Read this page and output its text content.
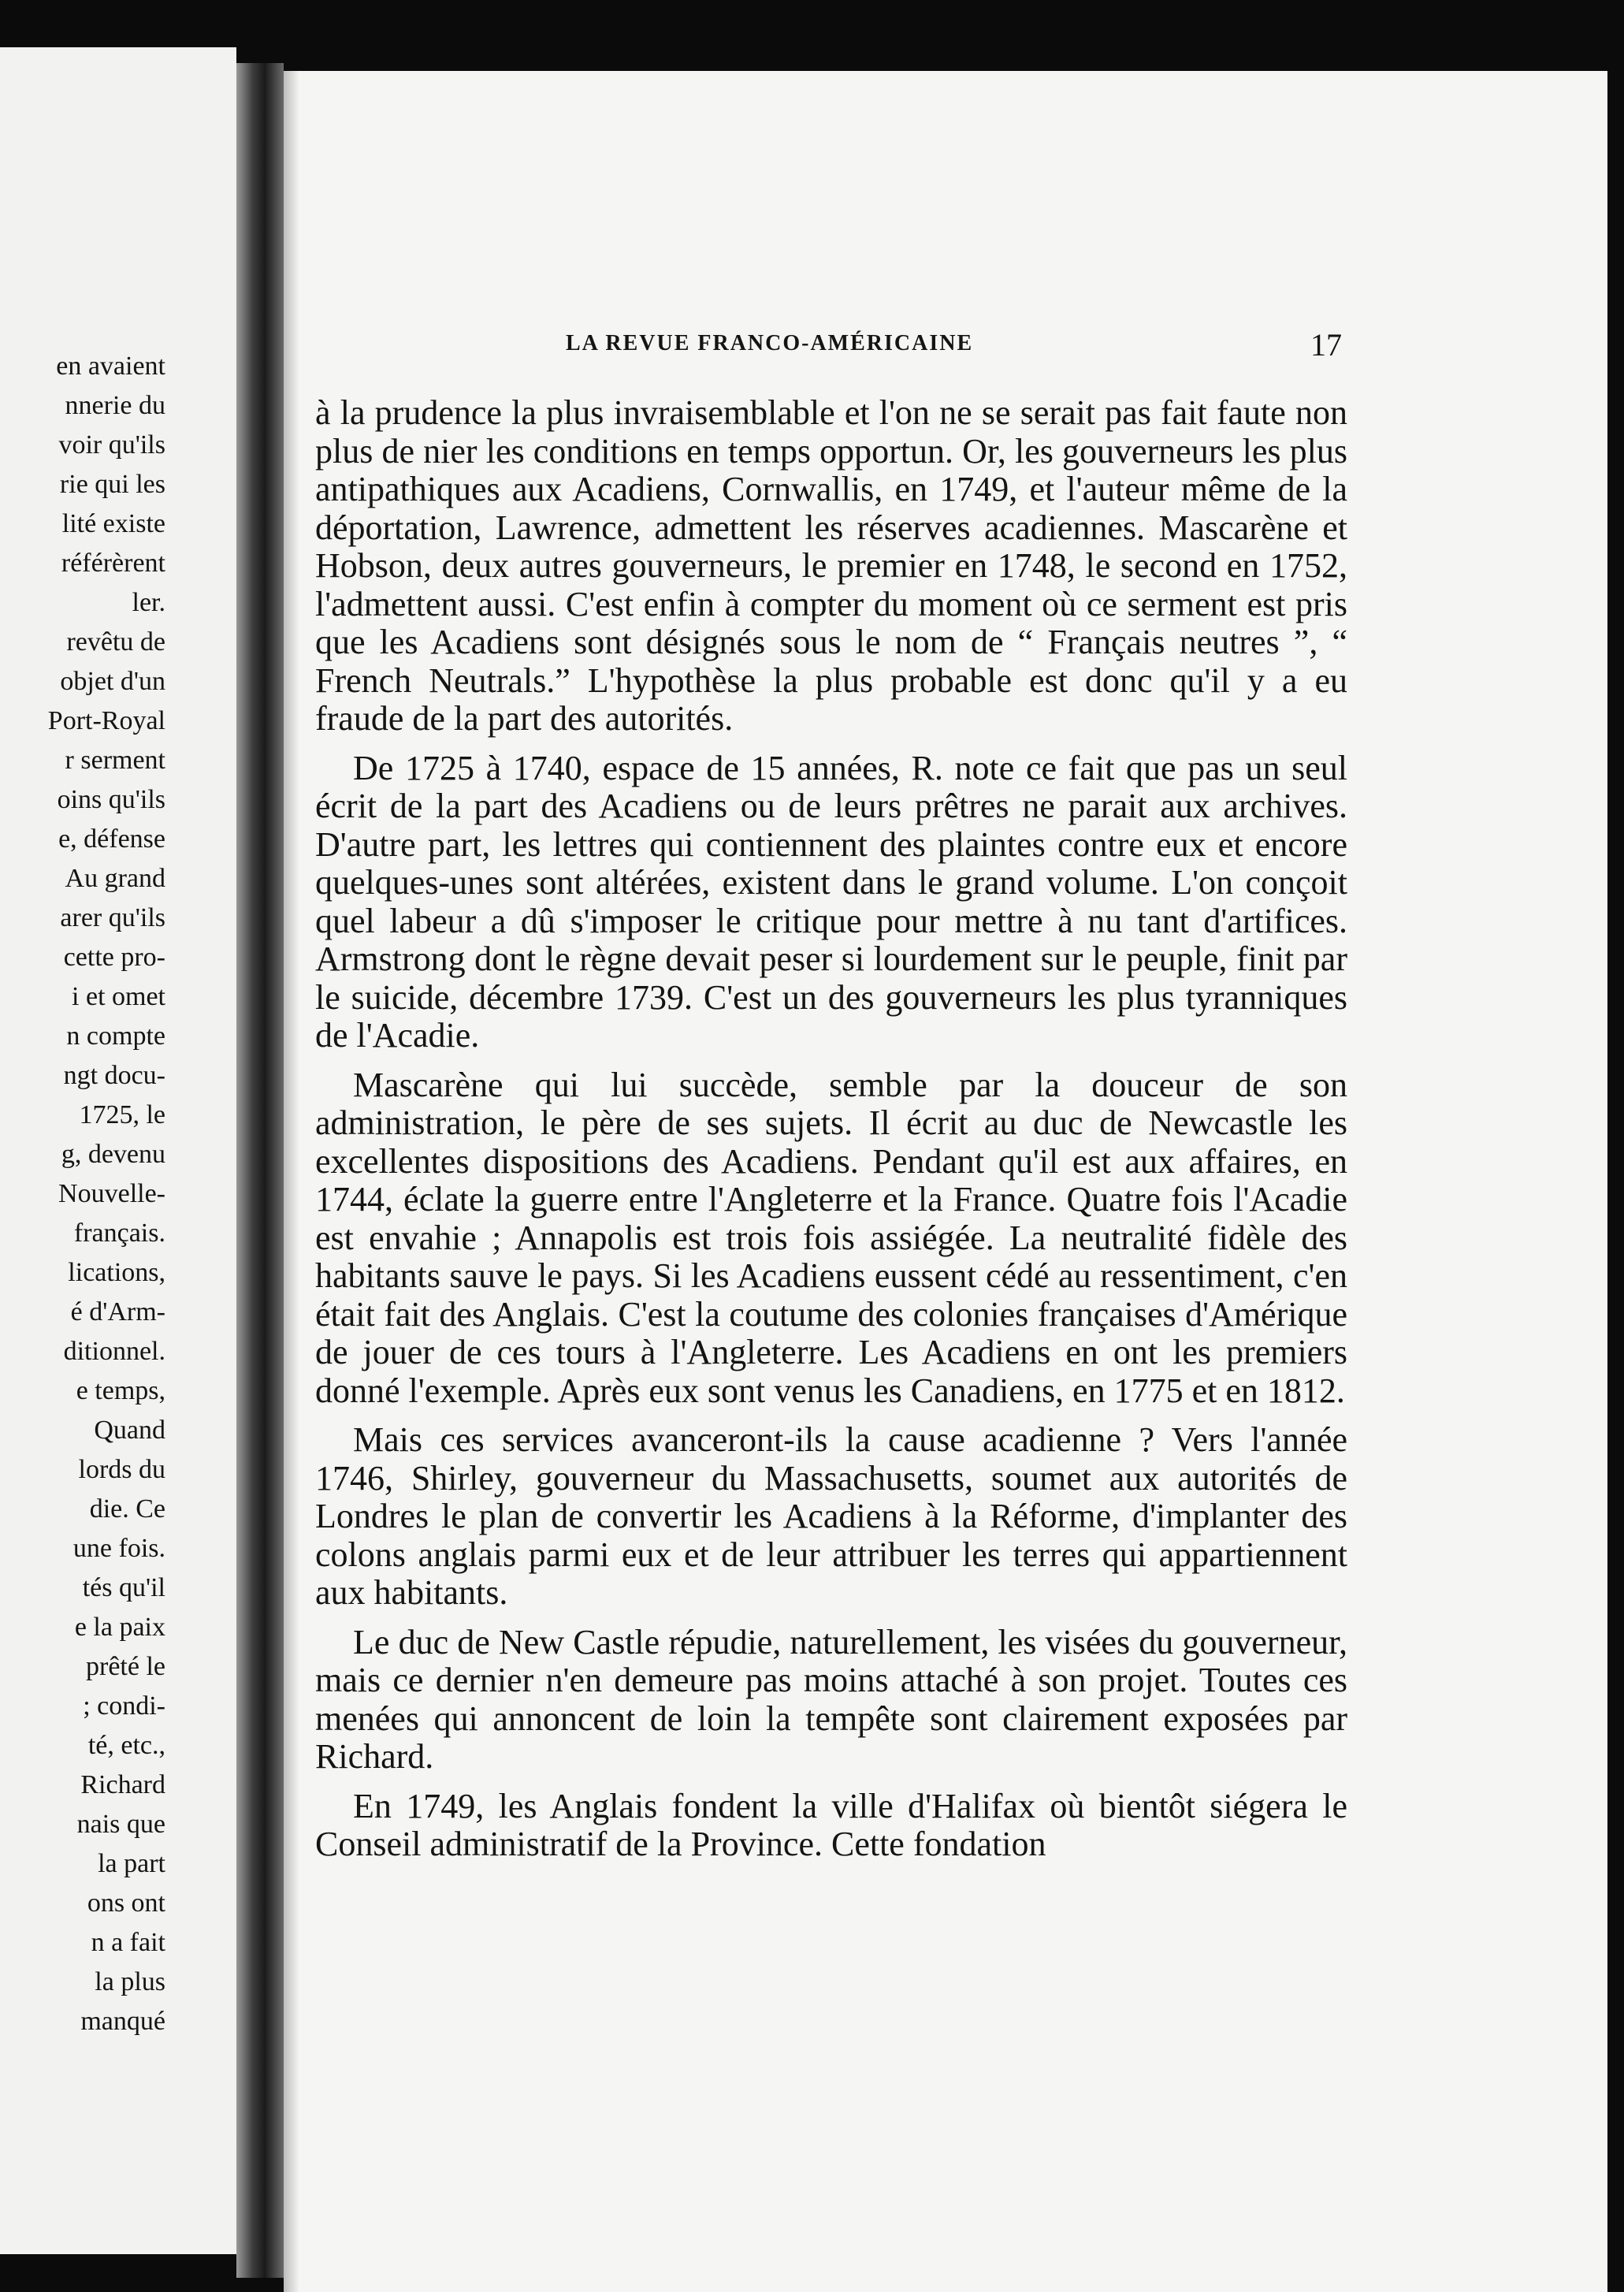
en avaient
nnerie du
voir qu'ils
rie qui les
lité existe
référèrent
ler.
revêtu de
objet d'un
Port-Royal
r serment
oins qu'ils
e, défense
Au grand
arer qu'ils
cette pro-
i et omet
n compte
ngt docu-
1725, le
g, devenu
Nouvelle-
français.
lications,
é d'Arm-
ditionnel.
e temps,
Quand
lords du
die. Ce
une fois.
tés qu'il
e la paix
prêté le
; condi-
té, etc.,
Richard
nais que
la part
ons ont
n a fait
la plus
manqué
LA REVUE FRANCO-AMÉRICAINE	17

à la prudence la plus invraisemblable et l'on ne se serait pas fait faute non plus de nier les conditions en temps opportun. Or, les gouverneurs les plus antipathiques aux Acadiens, Cornwallis, en 1749, et l'auteur même de la déportation, Lawrence, admettent les réserves acadiennes. Mascarène et Hobson, deux autres gouverneurs, le premier en 1748, le second en 1752, l'admettent aussi. C'est enfin à compter du moment où ce serment est pris que les Acadiens sont désignés sous le nom de “ Français neutres ”, “ French Neutrals.” L'hypothèse la plus probable est donc qu'il y a eu fraude de la part des autorités.

De 1725 à 1740, espace de 15 années, R. note ce fait que pas un seul écrit de la part des Acadiens ou de leurs prêtres ne parait aux archives. D'autre part, les lettres qui contiennent des plaintes contre eux et encore quelques-unes sont altérées, existent dans le grand volume. L'on conçoit quel labeur a dû s'imposer le critique pour mettre à nu tant d'artifices. Armstrong dont le règne devait peser si lourdement sur le peuple, finit par le suicide, décembre 1739. C'est un des gouverneurs les plus tyranniques de l'Acadie.

Mascarène qui lui succède, semble par la douceur de son administration, le père de ses sujets. Il écrit au duc de Newcastle les excellentes dispositions des Acadiens. Pendant qu'il est aux affaires, en 1744, éclate la guerre entre l'Angleterre et la France. Quatre fois l'Acadie est envahie ; Annapolis est trois fois assiégée. La neutralité fidèle des habitants sauve le pays. Si les Acadiens eussent cédé au ressentiment, c'en était fait des Anglais. C'est la coutume des colonies françaises d'Amérique de jouer de ces tours à l'Angleterre. Les Acadiens en ont les premiers donné l'exemple. Après eux sont venus les Canadiens, en 1775 et en 1812.

Mais ces services avanceront-ils la cause acadienne ? Vers l'année 1746, Shirley, gouverneur du Massachusetts, soumet aux autorités de Londres le plan de convertir les Acadiens à la Réforme, d'implanter des colons anglais parmi eux et de leur attribuer les terres qui appartiennent aux habitants.

Le duc de New Castle répudie, naturellement, les visées du gouverneur, mais ce dernier n'en demeure pas moins attaché à son projet. Toutes ces menées qui annoncent de loin la tempête sont clairement exposées par Richard.

En 1749, les Anglais fondent la ville d'Halifax où bientôt siégera le Conseil administratif de la Province. Cette fondation
